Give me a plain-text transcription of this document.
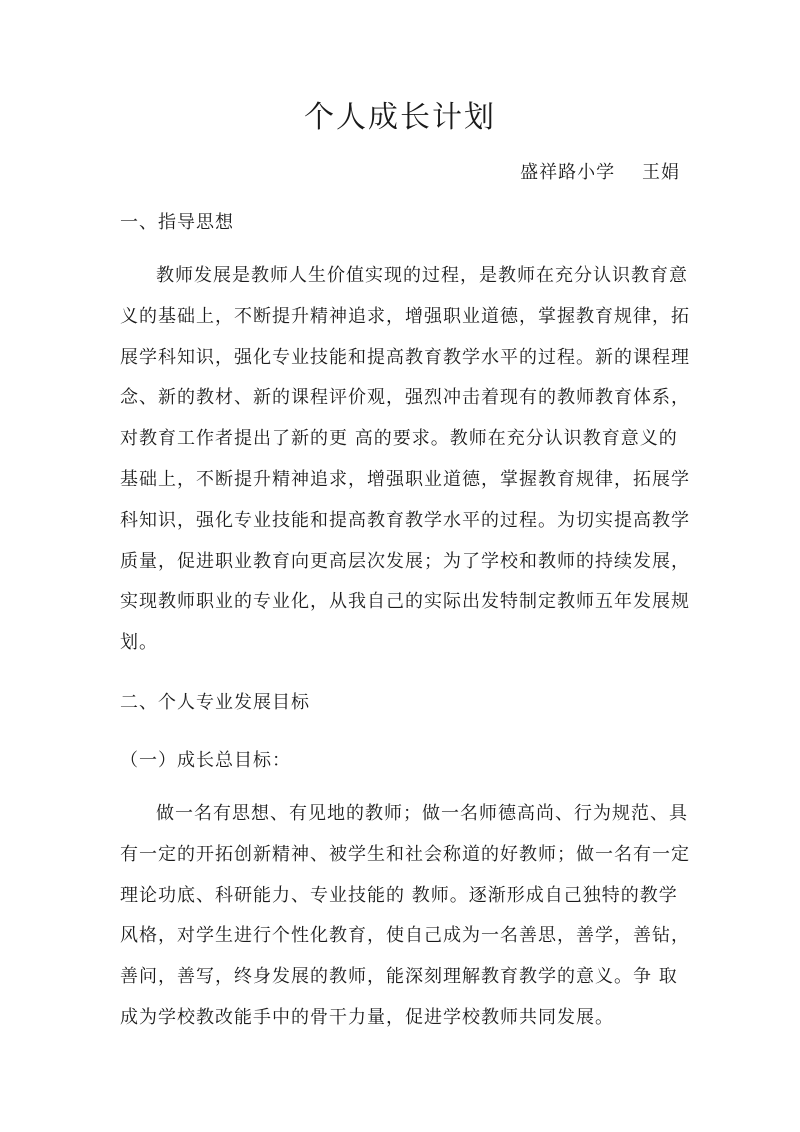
个人成长计划
盛祥路小学    王娟
一、指导思想
教师发展是教师人生价值实现的过程，是教师在充分认识教育意
义的基础上，不断提升精神追求，增强职业道德，掌握教育规律，拓
展学科知识，强化专业技能和提高教育教学水平的过程。新的课程理
念、新的教材、新的课程评价观，强烈冲击着现有的教师教育体系，
对教育工作者提出了新的更 高的要求。教师在充分认识教育意义的
基础上，不断提升精神追求，增强职业道德，掌握教育规律，拓展学
科知识，强化专业技能和提高教育教学水平的过程。为切实提高教学
质量，促进职业教育向更高层次发展；为了学校和教师的持续发展，
实现教师职业的专业化，从我自己的实际出发特制定教师五年发展规
划。
二、个人专业发展目标
（一）成长总目标：
做一名有思想、有见地的教师；做一名师德高尚、行为规范、具
有一定的开拓创新精神、被学生和社会称道的好教师；做一名有一定
理论功底、科研能力、专业技能的 教师。逐渐形成自己独特的教学
风格，对学生进行个性化教育，使自己成为一名善思，善学，善钻，
善问，善写，终身发展的教师，能深刻理解教育教学的意义。争 取
成为学校教改能手中的骨干力量，促进学校教师共同发展。
